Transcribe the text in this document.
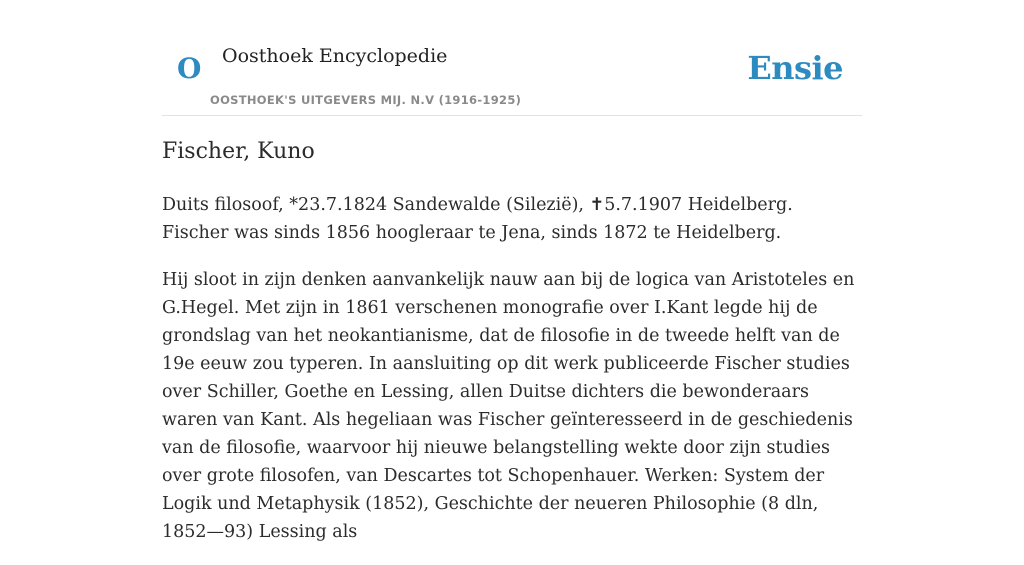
O Oosthoek Encyclopedie
OOSTHOEK'S UITGEVERS MIJ. N.V (1916-1925)
Ensie
Fischer, Kuno

Duits filosoof, *23.7.1824 Sandewalde (Silezië), ✝5.7.1907 Heidelberg. Fischer was sinds 1856 hoogleraar te Jena, sinds 1872 te Heidelberg.

Hij sloot in zijn denken aanvankelijk nauw aan bij de logica van Aristoteles en G.Hegel. Met zijn in 1861 verschenen monografie over I.Kant legde hij de grondslag van het neokantianisme, dat de filosofie in de tweede helft van de 19e eeuw zou typeren. In aansluiting op dit werk publiceerde Fischer studies over Schiller, Goethe en Lessing, allen Duitse dichters die bewonderaars waren van Kant. Als hegeliaan was Fischer geïnteresseerd in de geschiedenis van de filosofie, waarvoor hij nieuwe belangstelling wekte door zijn studies over grote filosofen, van Descartes tot Schopenhauer. Werken: System der Logik und Metaphysik (1852), Geschichte der neueren Philosophie (8 dln, 1852—93) Lessing als
